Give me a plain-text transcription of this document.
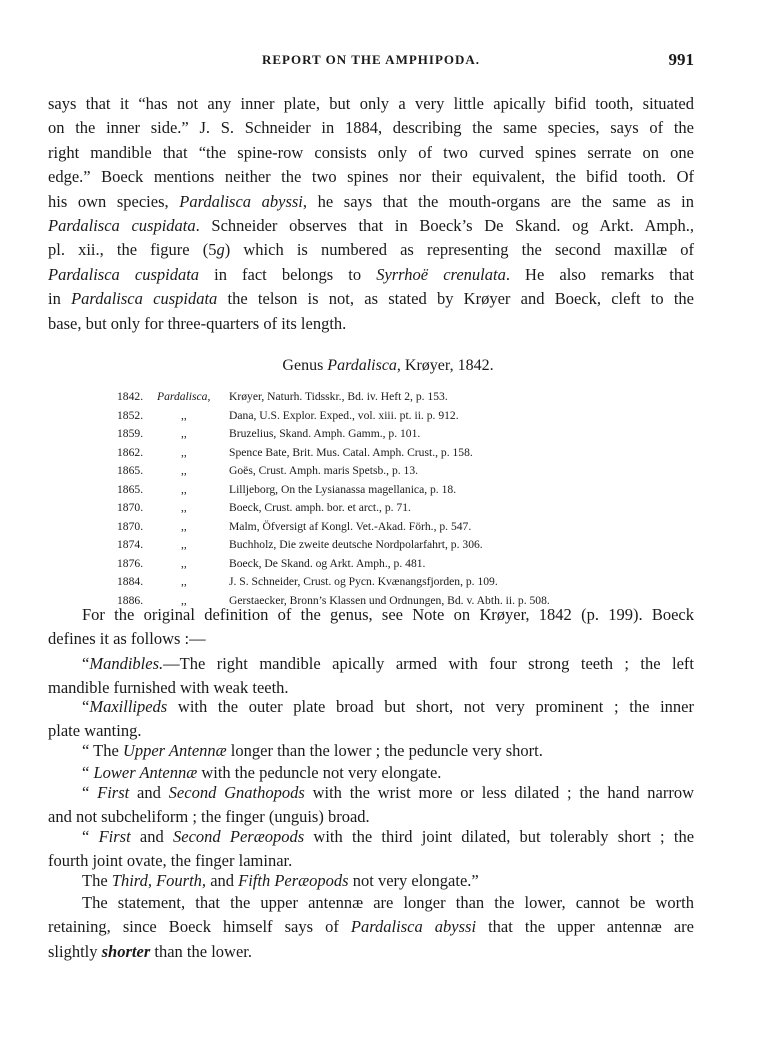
REPORT ON THE AMPHIPODA.	991
says that it “has not any inner plate, but only a very little apically bifid tooth, situated
on the inner side.” J. S. Schneider in 1884, describing the same species, says of the
right mandible that “the spine-row consists only of two curved spines serrate on one
edge.” Boeck mentions neither the two spines nor their equivalent, the bifid tooth. Of
his own species, Pardalisca abyssi, he says that the mouth-organs are the same as in
Pardalisca cuspidata. Schneider observes that in Boeck’s De Skand. og Arkt. Amph.,
pl. xii., the figure (5g) which is numbered as representing the second maxillæ of
Pardalisca cuspidata in fact belongs to Syrrhoë crenulata. He also remarks that
in Pardalisca cuspidata the telson is not, as stated by Krøyer and Boeck, cleft to the
base, but only for three-quarters of its length.
Genus Pardalisca, Krøyer, 1842.
1842. Pardalisca, Krøyer, Naturh. Tidsskr., Bd. iv. Heft 2, p. 153.
1852.	,,	Dana, U.S. Explor. Exped., vol. xiii. pt. ii. p. 912.
1859.	,,	Bruzelius, Skand. Amph. Gamm., p. 101.
1862.	,,	Spence Bate, Brit. Mus. Catal. Amph. Crust., p. 158.
1865.	,,	Goës, Crust. Amph. maris Spetsb., p. 13.
1865.	,,	Lilljeborg, On the Lysianassa magellanica, p. 18.
1870.	,,	Boeck, Crust. amph. bor. et arct., p. 71.
1870.	,,	Malm, Öfversigt af Kongl. Vet.-Akad. Förh., p. 547.
1874.	,,	Buchholz, Die zweite deutsche Nordpolarfahrt, p. 306.
1876.	,,	Boeck, De Skand. og Arkt. Amph., p. 481.
1884.	,,	J. S. Schneider, Crust. og Pycn. Kvænangsfjorden, p. 109.
1886.	,,	Gerstaecker, Bronn’s Klassen und Ordnungen, Bd. v. Abth. ii. p. 508.
For the original definition of the genus, see Note on Krøyer, 1842 (p. 199). Boeck
defines it as follows :—
“Mandibles.—The right mandible apically armed with four strong teeth ; the left
mandible furnished with weak teeth.
“Maxillipeds with the outer plate broad but short, not very prominent ; the inner
plate wanting.
“ The Upper Antennæ longer than the lower ; the peduncle very short.
“ Lower Antennæ with the peduncle not very elongate.
“ First and Second Gnathopods with the wrist more or less dilated ; the hand narrow
and not subcheliform ; the finger (unguis) broad.
“ First and Second Peræopods with the third joint dilated, but tolerably short ; the
fourth joint ovate, the finger laminar.
The Third, Fourth, and Fifth Peræopods not very elongate.”
The statement, that the upper antennæ are longer than the lower, cannot be worth
retaining, since Boeck himself says of Pardalisca abyssi that the upper antennæ are
slightly shorter than the lower.
